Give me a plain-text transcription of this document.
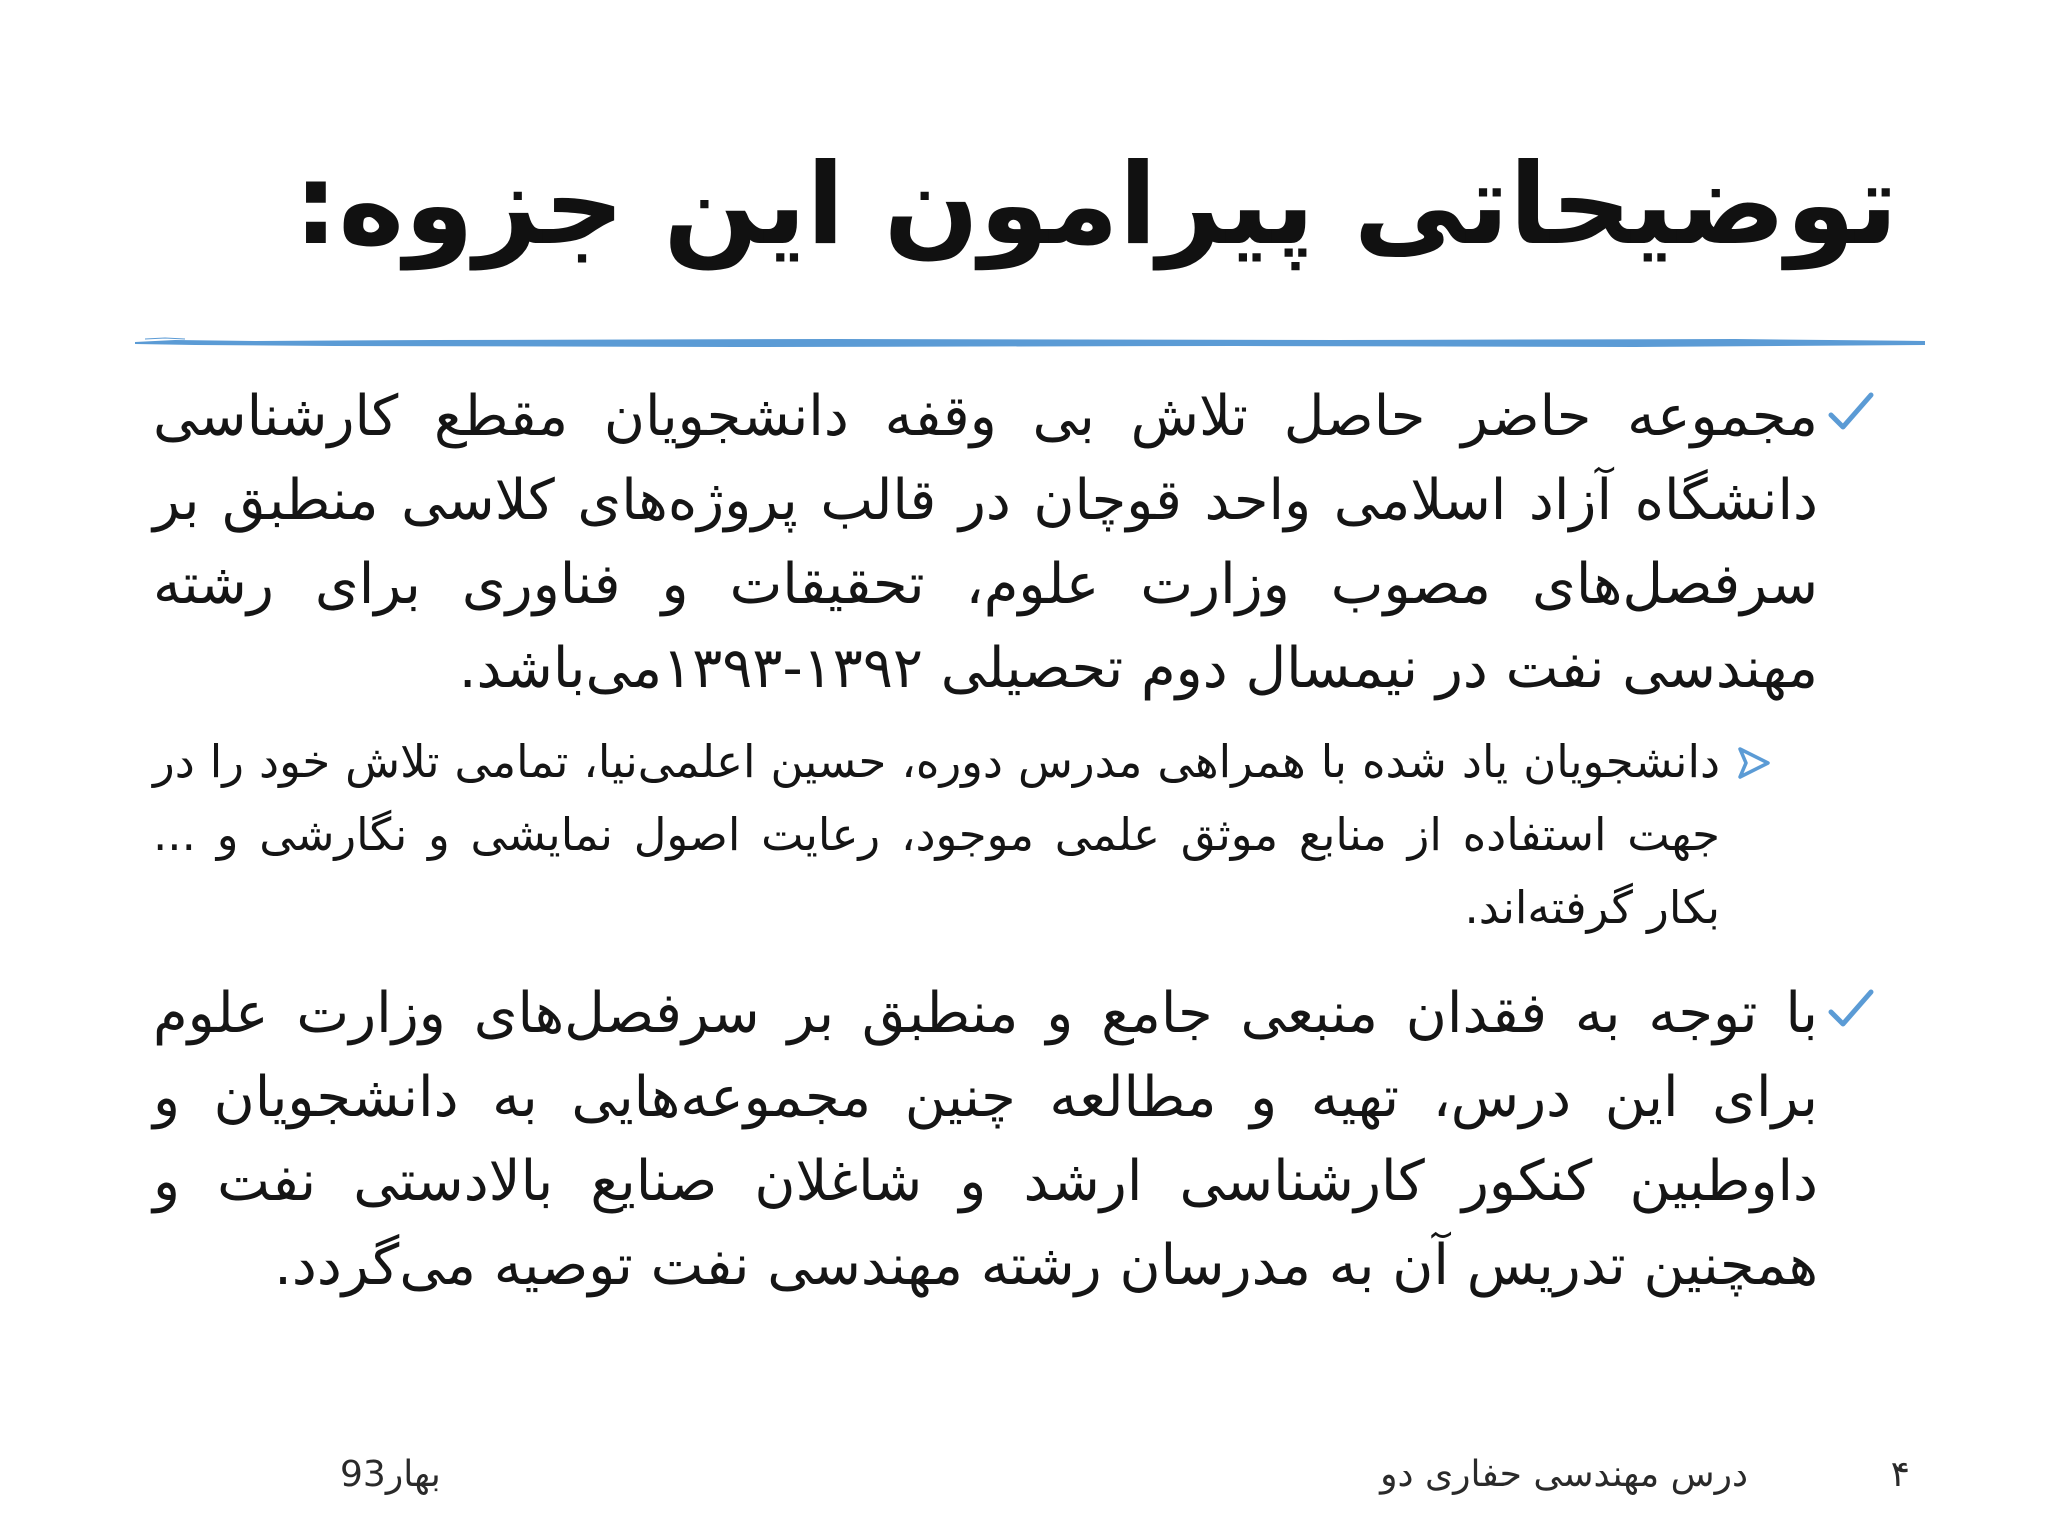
توضیحاتی پیرامون این جزوه:
مجموعه حاضر حاصل تلاش بی وقفه دانشجویان مقطع کارشناسی دانشگاه آزاد اسلامی واحد قوچان در قالب پروژه‌های کلاسی منطبق بر سرفصل‌های مصوب وزارت علوم، تحقیقات و فناوری برای رشته مهندسی نفت در نیمسال دوم تحصیلی ۱۳۹۲-۱۳۹۳می‌باشد.
دانشجویان یاد شده با همراهی مدرس دوره، حسین اعلمی‌نیا، تمامی تلاش خود را در جهت استفاده از منابع موثق علمی موجود، رعایت اصول نمایشی و نگارشی و ... بکار گرفته‌اند.
با توجه به فقدان منبعی جامع و منطبق بر سرفصل‌های وزارت علوم برای این درس، تهیه و مطالعه چنین مجموعه‌هایی به دانشجویان و داوطبین کنکور کارشناسی ارشد و شاغلان صنایع بالادستی نفت و همچنین تدریس آن به مدرسان رشته مهندسی نفت توصیه می‌گردد.
بهار93	درس مهندسی حفاری دو	۴
